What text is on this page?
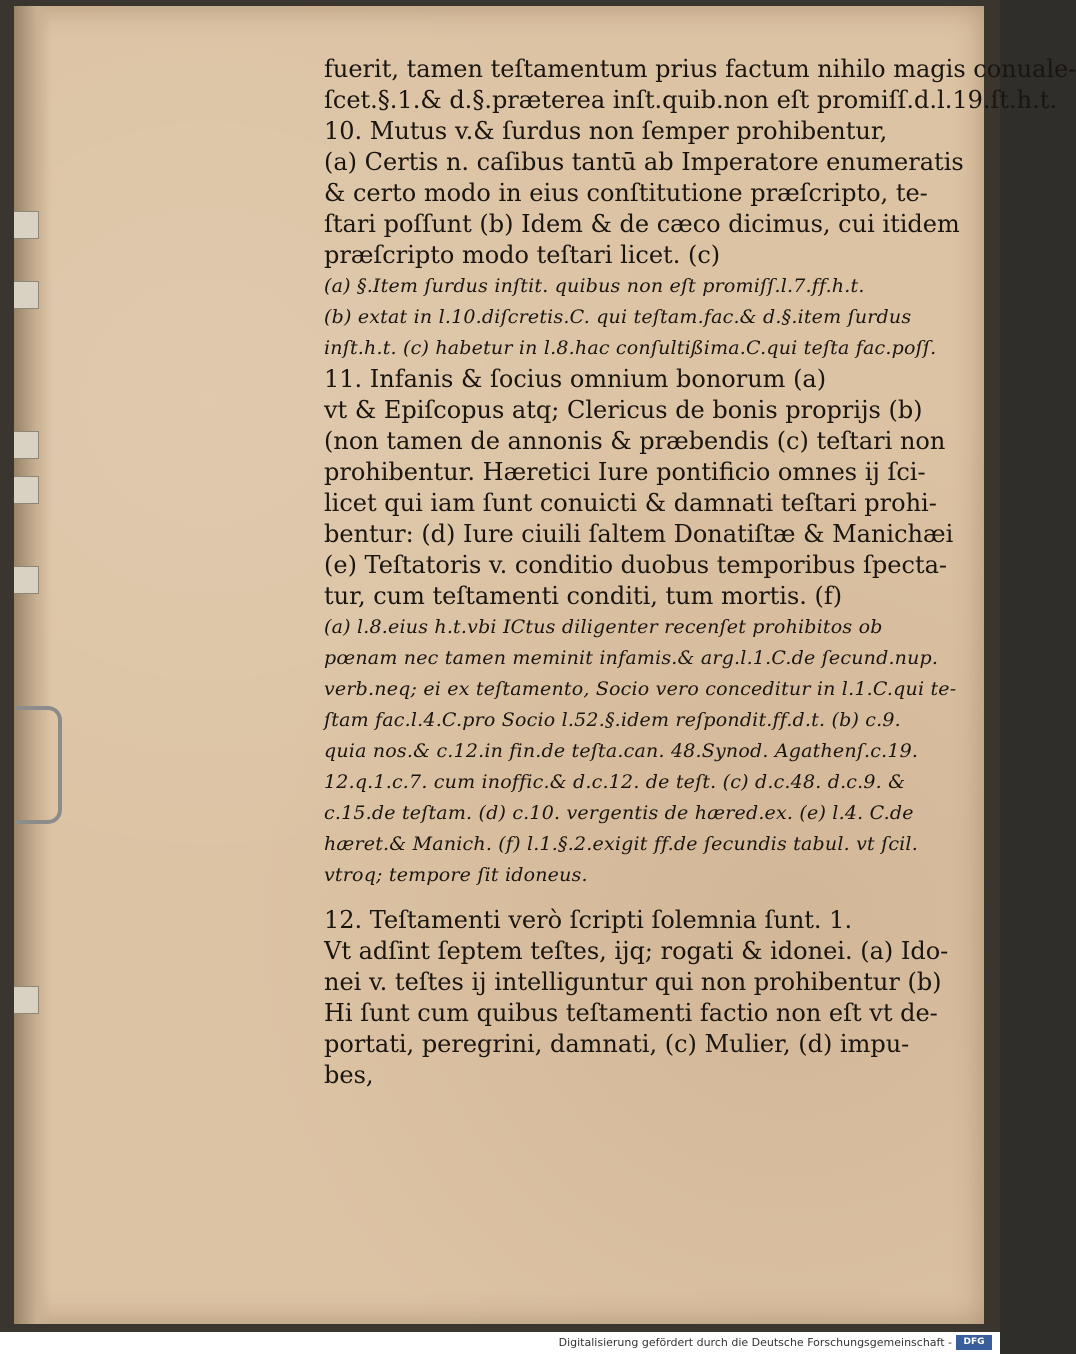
fuerit, tamen teſtamentum prius factum nihilo magis conuale-
ſcet.§.1.& d.§.præterea inſt.quib.non eſt promiſſ.d.l.19.ſt.h.t.
10. Mutus v.& ſurdus non ſemper prohibentur,
(a) Certis n. caſibus tantū ab Imperatore enumeratis
& certo modo in eius conſtitutione præſcripto, te-
ſtari poſſunt (b) Idem & de cæco dicimus, cui itidem
præſcripto modo teſtari licet. (c)
(a) §.Item ſurdus inſtit. quibus non eſt promiſſ.l.7.ff.h.t.
(b) extat in l.10.diſcretis.C. qui teſtam.fac.& d.§.item ſurdus
inſt.h.t. (c) habetur in l.8.hac conſultißima.C.qui teſta fac.poſſ.
11. Infanis & ſocius omnium bonorum (a)
vt & Epiſcopus atq; Clericus de bonis proprijs (b)
(non tamen de annonis & præbendis (c) teſtari non
prohibentur. Hæretici Iure pontificio omnes ij ſci-
licet qui iam ſunt conuicti & damnati teſtari prohi-
bentur: (d) Iure ciuili ſaltem Donatiſtæ & Manichæi
(e) Teſtatoris v. conditio duobus temporibus ſpecta-
tur, cum teſtamenti conditi, tum mortis. (f)
(a) l.8.eius h.t.vbi ICtus diligenter recenſet prohibitos ob
pœnam nec tamen meminit infamis.& arg.l.1.C.de ſecund.nup.
verb.neq; ei ex teſtamento, Socio vero conceditur in l.1.C.qui te-
ſtam fac.l.4.C.pro Socio l.52.§.idem reſpondit.ff.d.t. (b) c.9.
quia nos.& c.12.in fin.de teſta.can. 48.Synod. Agathenſ.c.19.
12.q.1.c.7. cum inoffic.& d.c.12. de teſt. (c) d.c.48. d.c.9. &
c.15.de teſtam. (d) c.10. vergentis de hæred.ex. (e) l.4. C.de
hæret.& Manich. (f) l.1.§.2.exigit ff.de ſecundis tabul. vt ſcil.
vtroq; tempore ſit idoneus.
12. Teſtamenti verò ſcripti ſolemnia ſunt. 1.
Vt adſint ſeptem teſtes, ijq; rogati & idonei. (a) Ido-
nei v. teſtes ij intelliguntur qui non prohibentur (b)
Hi ſunt cum quibus teſtamenti factio non eſt vt de-
portati, peregrini, damnati, (c) Mulier, (d) impu-
bes,
Digitalisierung gefördert durch die Deutsche Forschungsgemeinschaft -	DFG
